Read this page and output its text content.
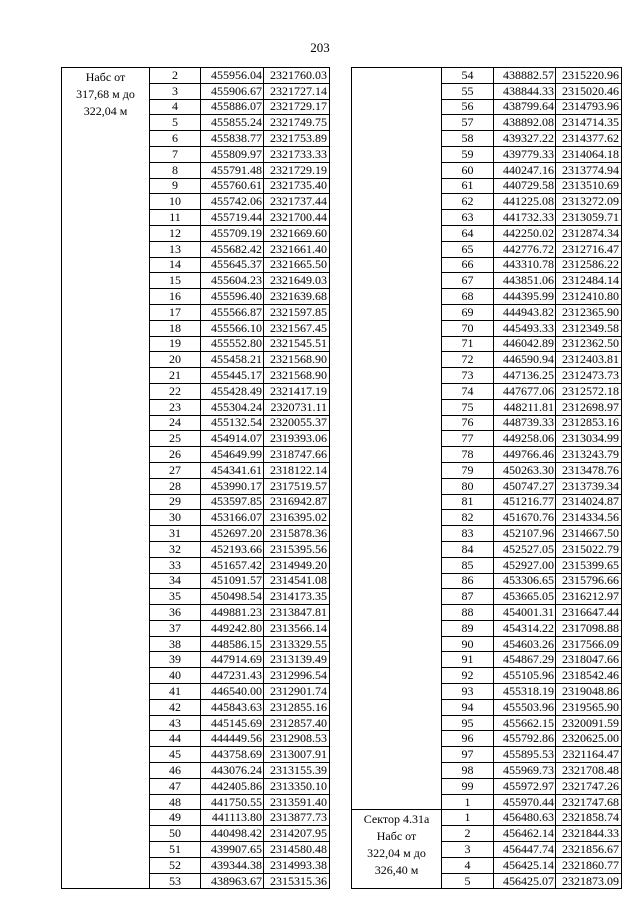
203
Набс от
317,68 м до
322,04 м	2	455956.04	2321760.03
	3	455906.67	2321727.14
	4	455886.07	2321729.17
	5	455855.24	2321749.75
	6	455838.77	2321753.89
	7	455809.97	2321733.33
	8	455791.48	2321729.19
	9	455760.61	2321735.40
	10	455742.06	2321737.44
	11	455719.44	2321700.44
	12	455709.19	2321669.60
	13	455682.42	2321661.40
	14	455645.37	2321665.50
	15	455604.23	2321649.03
	16	455596.40	2321639.68
	17	455566.87	2321597.85
	18	455566.10	2321567.45
	19	455552.80	2321545.51
	20	455458.21	2321568.90
	21	455445.17	2321568.90
	22	455428.49	2321417.19
	23	455304.24	2320731.11
	24	455132.54	2320055.37
	25	454914.07	2319393.06
	26	454649.99	2318747.66
	27	454341.61	2318122.14
	28	453990.17	2317519.57
	29	453597.85	2316942.87
	30	453166.07	2316395.02
	31	452697.20	2315878.36
	32	452193.66	2315395.56
	33	451657.42	2314949.20
	34	451091.57	2314541.08
	35	450498.54	2314173.35
	36	449881.23	2313847.81
	37	449242.80	2313566.14
	38	448586.15	2313329.55
	39	447914.69	2313139.49
	40	447231.43	2312996.54
	41	446540.00	2312901.74
	42	445843.63	2312855.16
	43	445145.69	2312857.40
	44	444449.56	2312908.53
	45	443758.69	2313007.91
	46	443076.24	2313155.39
	47	442405.86	2313350.10
	48	441750.55	2313591.40
	49	441113.80	2313877.73
	50	440498.42	2314207.95
	51	439907.65	2314580.48
	52	439344.38	2314993.38
	53	438963.67	2315315.36
	54	438882.57	2315220.96
	55	438844.33	2315020.46
	56	438799.64	2314793.96
	57	438892.08	2314714.35
	58	439327.22	2314377.62
	59	439779.33	2314064.18
	60	440247.16	2313774.94
	61	440729.58	2313510.69
	62	441225.08	2313272.09
	63	441732.33	2313059.71
	64	442250.02	2312874.34
	65	442776.72	2312716.47
	66	443310.78	2312586.22
	67	443851.06	2312484.14
	68	444395.99	2312410.80
	69	444943.82	2312365.90
	70	445493.33	2312349.58
	71	446042.89	2312362.50
	72	446590.94	2312403.81
	73	447136.25	2312473.73
	74	447677.06	2312572.18
	75	448211.81	2312698.97
	76	448739.33	2312853.16
	77	449258.06	2313034.99
	78	449766.46	2313243.79
	79	450263.30	2313478.76
	80	450747.27	2313739.34
	81	451216.77	2314024.87
	82	451670.76	2314334.56
	83	452107.96	2314667.50
	84	452527.05	2315022.79
	85	452927.00	2315399.65
	86	453306.65	2315796.66
	87	453665.05	2316212.97
	88	454001.31	2316647.44
	89	454314.22	2317098.88
	90	454603.26	2317566.09
	91	454867.29	2318047.66
	92	455105.96	2318542.46
	93	455318.19	2319048.86
	94	455503.96	2319565.90
	95	455662.15	2320091.59
	96	455792.86	2320625.00
	97	455895.53	2321164.47
	98	455969.73	2321708.48
	99	455972.97	2321747.26
	1	455970.44	2321747.68

Сектор 4.31а
Набс от
322,04 м до
326,40 м	1	456480.63	2321858.74
	2	456462.14	2321844.33
	3	456447.74	2321856.67
	4	456425.14	2321860.77
	5	456425.07	2321873.09
